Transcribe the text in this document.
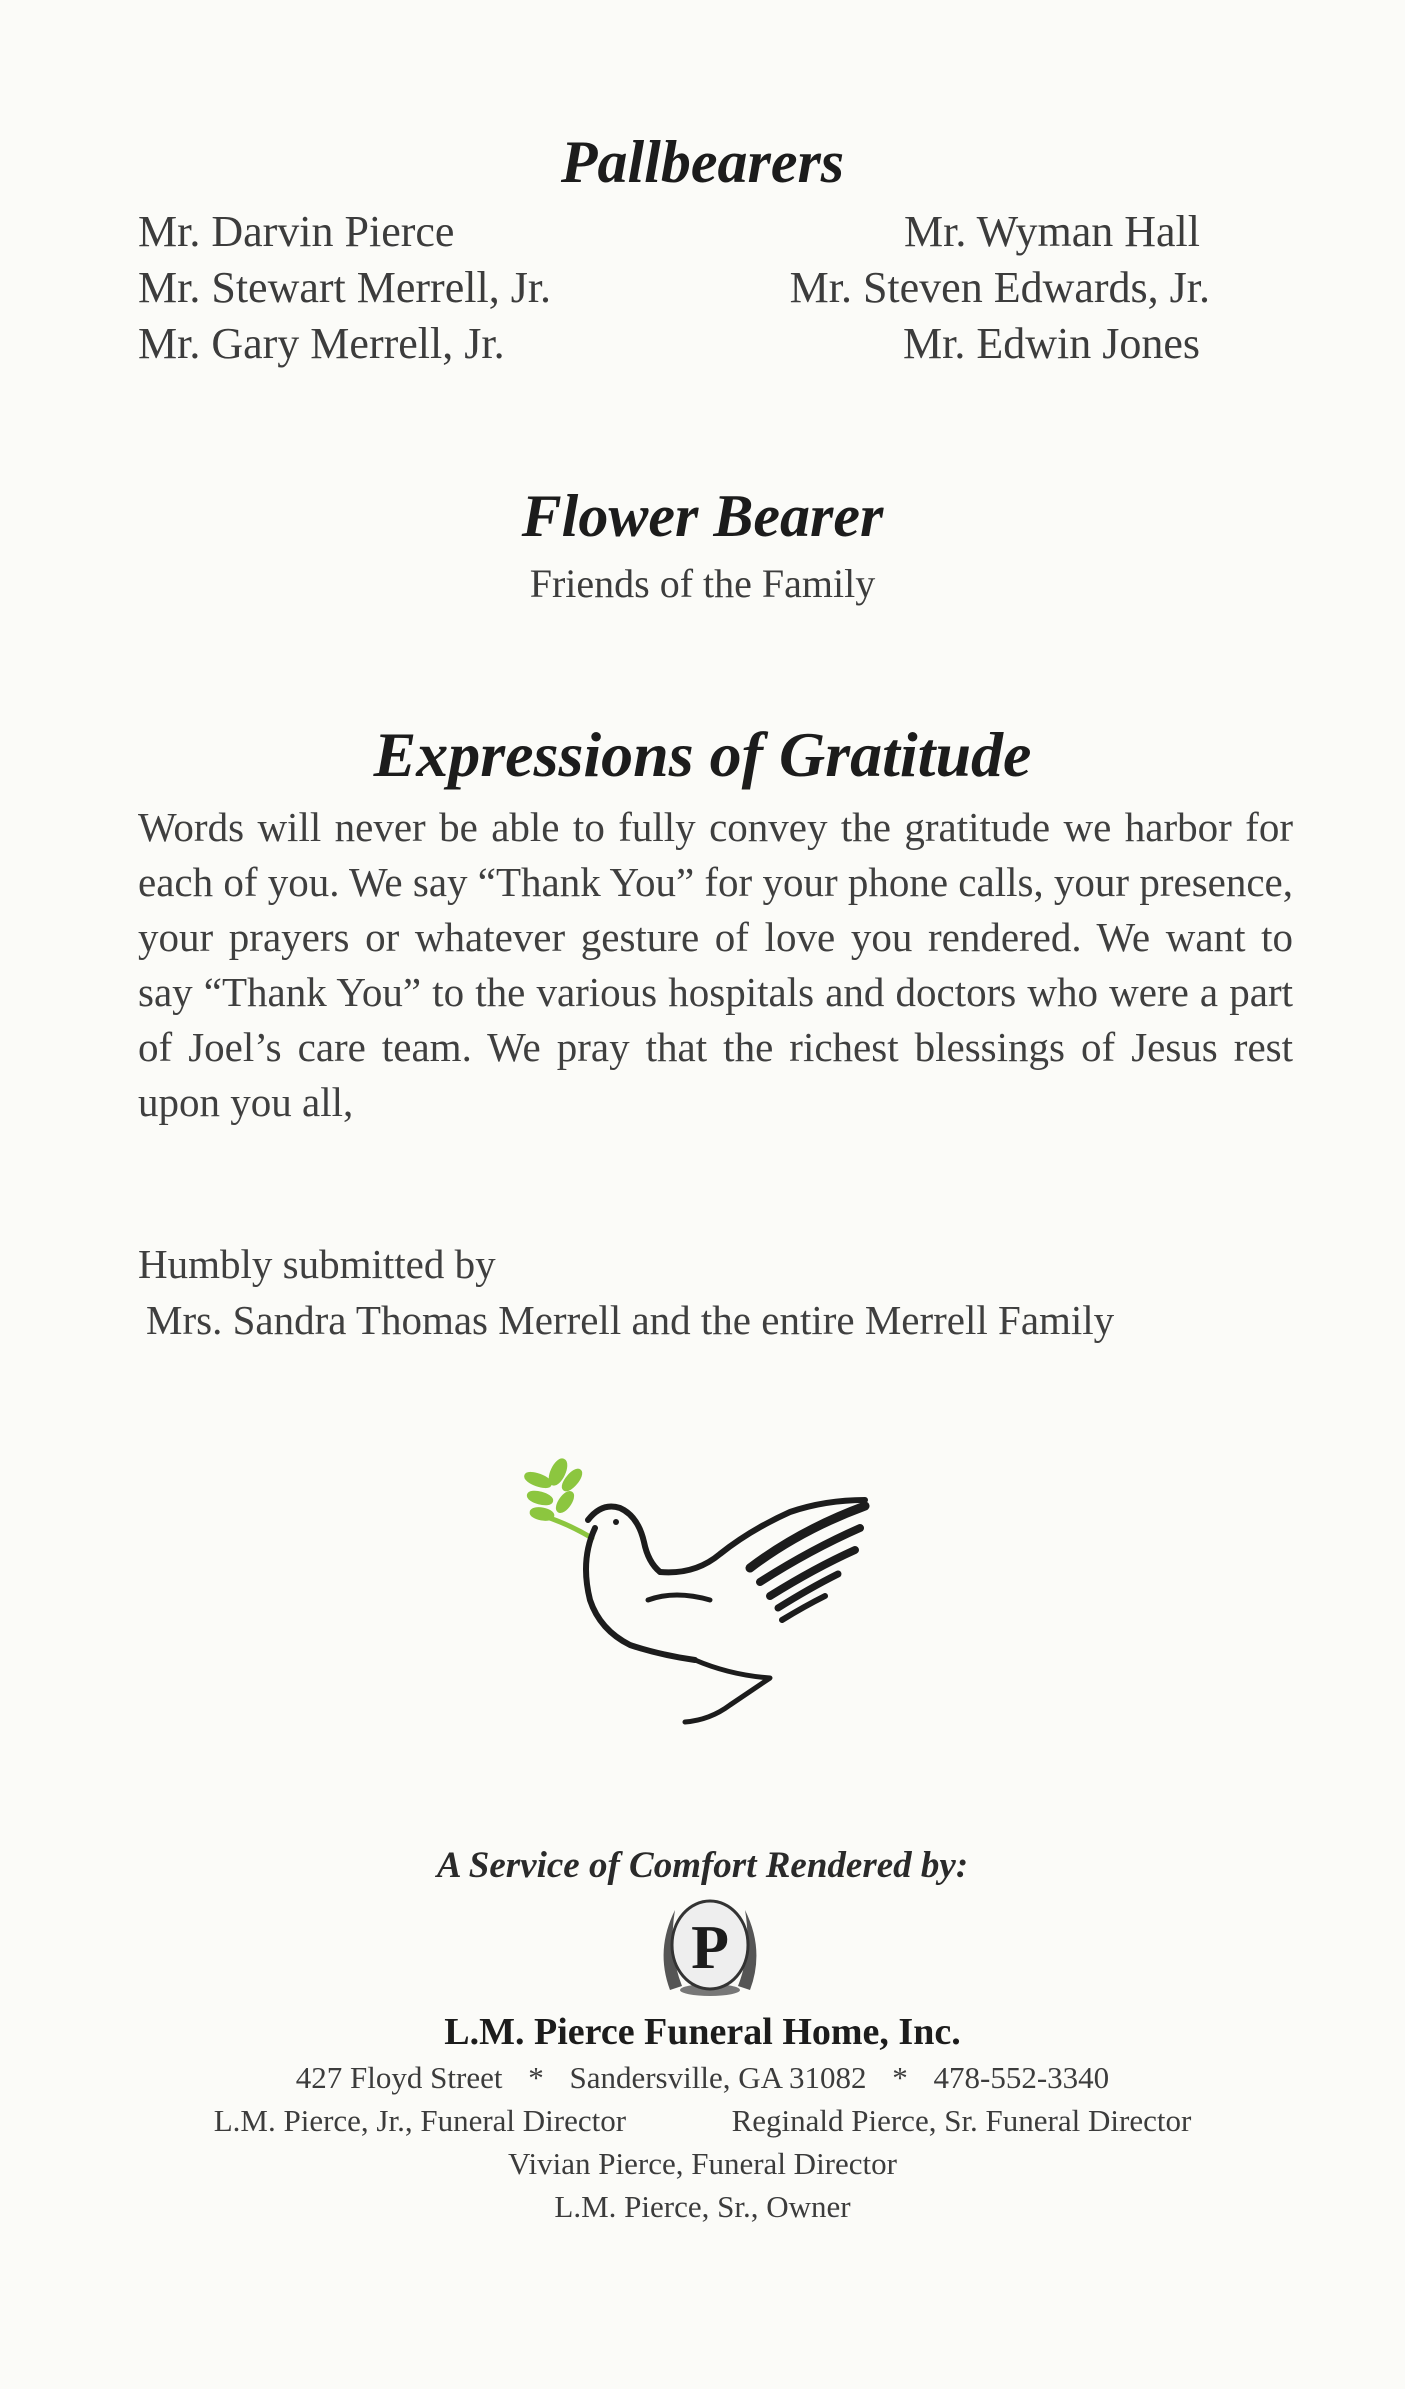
Pallbearers
Mr. Darvin Pierce
Mr. Stewart Merrell, Jr.
Mr. Gary Merrell, Jr.
Mr. Wyman Hall
Mr. Steven Edwards, Jr.
Mr. Edwin Jones
Flower Bearer
Friends of the Family
Expressions of Gratitude
Words will never be able to fully convey the gratitude we harbor for each of you. We say “Thank You” for your phone calls, your presence, your prayers or whatever gesture of love you rendered. We want to say “Thank You” to the various hospitals and doctors who were a part of Joel’s care team. We pray that the richest blessings of Jesus rest upon you all,
Humbly submitted by
Mrs. Sandra Thomas Merrell and the entire Merrell Family
A Service of Comfort Rendered by:
P
L.M. Pierce Funeral Home, Inc.
427 Floyd Street * Sandersville, GA 31082 * 478-552-3340
L.M. Pierce, Jr., Funeral Director	Reginald Pierce, Sr. Funeral Director
Vivian Pierce, Funeral Director
L.M. Pierce, Sr., Owner
